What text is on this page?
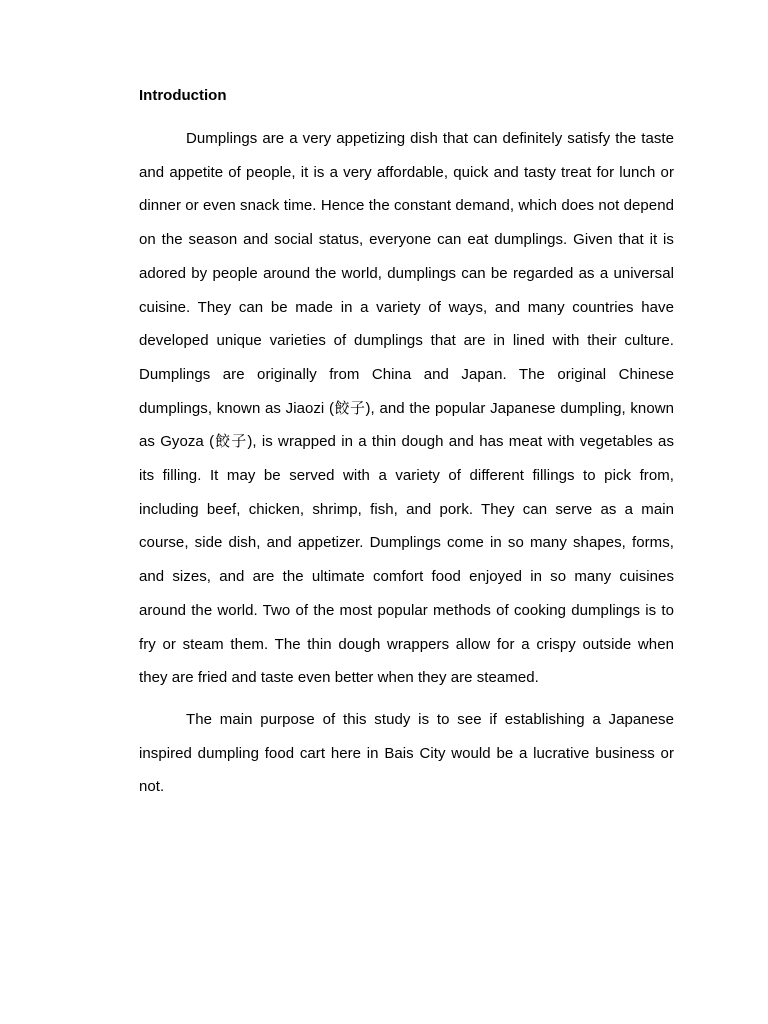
Introduction

Dumplings are a very appetizing dish that can definitely satisfy the taste and appetite of people, it is a very affordable, quick and tasty treat for lunch or dinner or even snack time. Hence the constant demand, which does not depend on the season and social status, everyone can eat dumplings. Given that it is adored by people around the world, dumplings can be regarded as a universal cuisine. They can be made in a variety of ways, and many countries have developed unique varieties of dumplings that are in lined with their culture. Dumplings are originally from China and Japan. The original Chinese dumplings, known as Jiaozi (餃子), and the popular Japanese dumpling, known as Gyoza (餃子), is wrapped in a thin dough and has meat with vegetables as its filling. It may be served with a variety of different fillings to pick from, including beef, chicken, shrimp, fish, and pork. They can serve as a main course, side dish, and appetizer. Dumplings come in so many shapes, forms, and sizes, and are the ultimate comfort food enjoyed in so many cuisines around the world. Two of the most popular methods of cooking dumplings is to fry or steam them. The thin dough wrappers allow for a crispy outside when they are fried and taste even better when they are steamed.

The main purpose of this study is to see if establishing a Japanese inspired dumpling food cart here in Bais City would be a lucrative business or not.
